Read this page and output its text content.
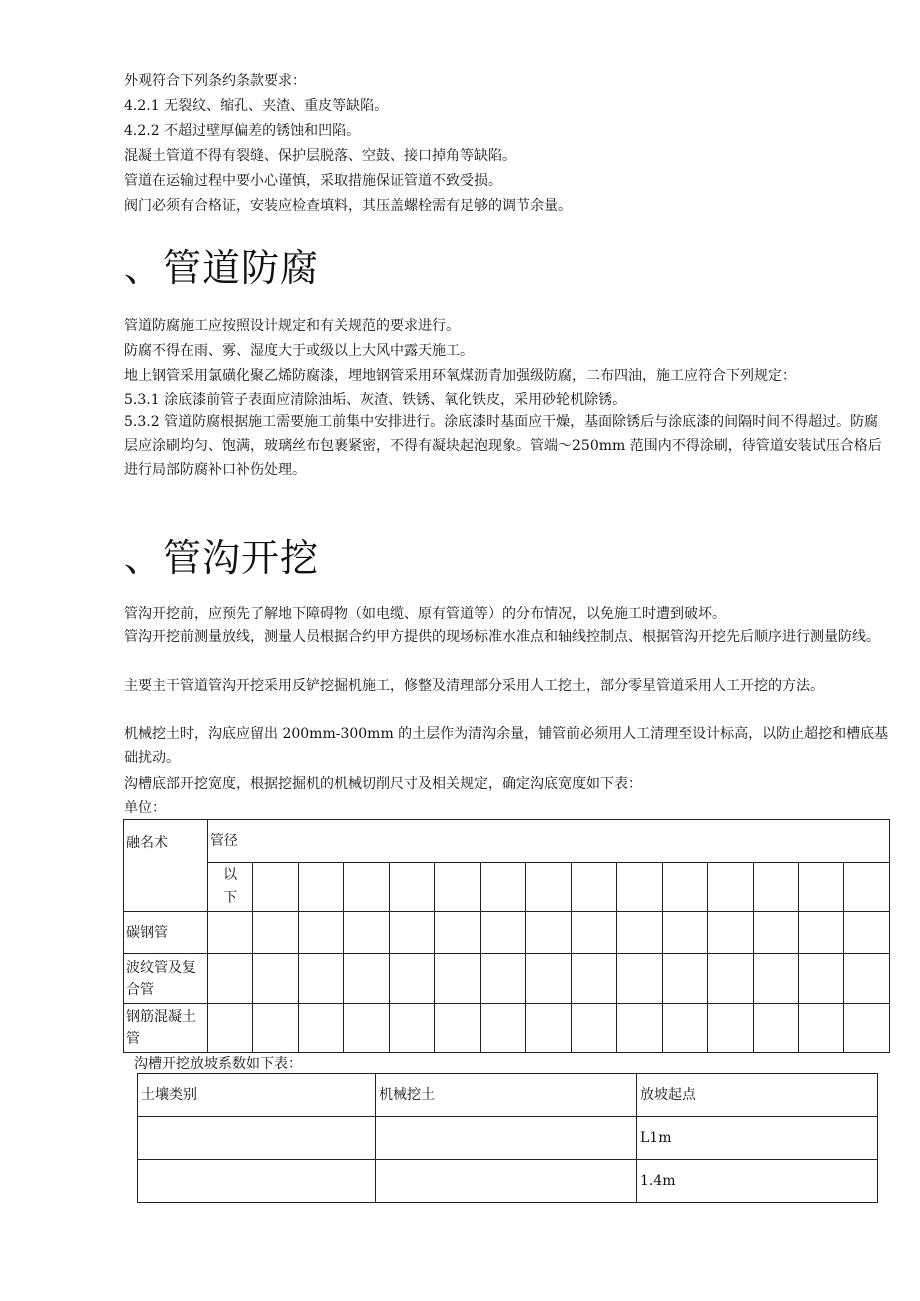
外观符合下列条约条款要求：
4.2.1 无裂纹、缩孔、夹渣、重皮等缺陷。
4.2.2 不超过壁厚偏差的锈蚀和凹陷。
混凝土管道不得有裂缝、保护层脱落、空鼓、接口掉角等缺陷。
管道在运输过程中要小心谨慎，采取措施保证管道不致受损。
阀门必须有合格证，安装应检查填料，其压盖螺栓需有足够的调节余量。
、管道防腐
管道防腐施工应按照设计规定和有关规范的要求进行。
防腐不得在雨、雾、湿度大于或级以上大风中露天施工。
地上钢管采用氯磺化聚乙烯防腐漆，埋地钢管采用环氧煤沥青加强级防腐，二布四油，施工应符合下列规定：
5.3.1 涂底漆前管子表面应清除油垢、灰渣、铁锈、氧化铁皮，采用砂轮机除锈。
5.3.2 管道防腐根据施工需要施工前集中安排进行。涂底漆时基面应干燥，基面除锈后与涂底漆的间隔时间不得超过。防腐层应涂刷均匀、饱满，玻璃丝布包裹紧密，不得有凝块起泡现象。管端～250mm 范围内不得涂刷，待管道安装试压合格后进行局部防腐补口补伤处理。
、管沟开挖
管沟开挖前，应预先了解地下障碍物（如电缆、原有管道等）的分布情况，以免施工时遭到破坏。
管沟开挖前测量放线，测量人员根据合约甲方提供的现场标准水准点和轴线控制点、根据管沟开挖先后顺序进行测量防线。
主要主干管道管沟开挖采用反铲挖掘机施工，修整及清理部分采用人工挖土，部分零星管道采用人工开挖的方法。
机械挖土时，沟底应留出 200mm-300mm 的土层作为清沟余量，铺管前必须用人工清理至设计标高，以防止超挖和槽底基础扰动。
沟槽底部开挖宽度，根据挖掘机的机械切削尺寸及相关规定，确定沟底宽度如下表：
单位：
融名术	管径														

	以下														

碳钢管															
波纹管及复合管															
钢筋混凝土管															
沟槽开挖放坡系数如下表：
土壤类别	机械挖土	放坡起点
		L1m
		1.4m
